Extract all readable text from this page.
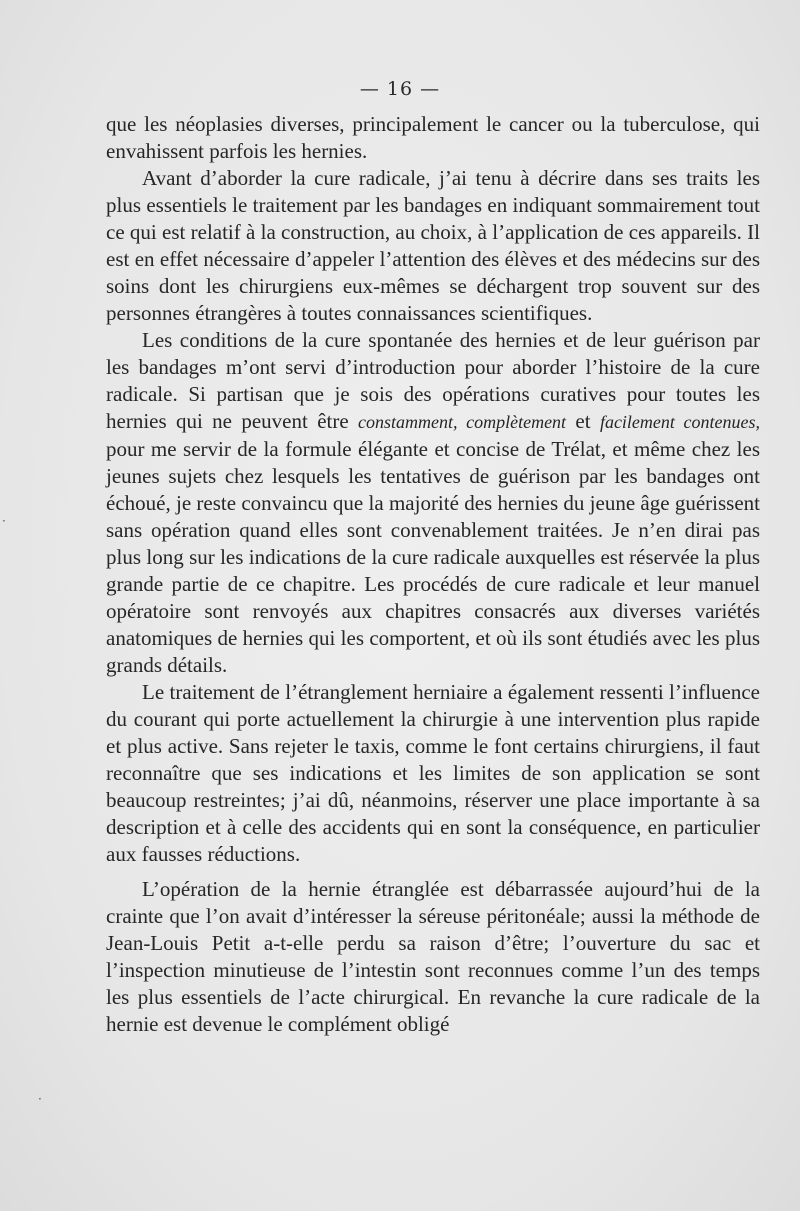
— 16 —

que les néoplasies diverses, principalement le cancer ou la tuberculose, qui envahissent parfois les hernies.

Avant d’aborder la cure radicale, j’ai tenu à décrire dans ses traits les plus essentiels le traitement par les bandages en indiquant sommairement tout ce qui est relatif à la construction, au choix, à l’application de ces appareils. Il est en effet nécessaire d’appeler l’attention des élèves et des médecins sur des soins dont les chirurgiens eux-mêmes se déchargent trop souvent sur des personnes étrangères à toutes connaissances scientifiques.

Les conditions de la cure spontanée des hernies et de leur guérison par les bandages m’ont servi d’introduction pour aborder l’histoire de la cure radicale. Si partisan que je sois des opérations curatives pour toutes les hernies qui ne peuvent être constamment, complètement et facilement contenues, pour me servir de la formule élégante et concise de Trélat, et même chez les jeunes sujets chez lesquels les tentatives de guérison par les bandages ont échoué, je reste convaincu que la majorité des hernies du jeune âge guérissent sans opération quand elles sont convenablement traitées. Je n’en dirai pas plus long sur les indications de la cure radicale auxquelles est réservée la plus grande partie de ce chapitre. Les procédés de cure radicale et leur manuel opératoire sont renvoyés aux chapitres consacrés aux diverses variétés anatomiques de hernies qui les comportent, et où ils sont étudiés avec les plus grands détails.

Le traitement de l’étranglement herniaire a également ressenti l’influence du courant qui porte actuellement la chirurgie à une intervention plus rapide et plus active. Sans rejeter le taxis, comme le font certains chirurgiens, il faut reconnaître que ses indications et les limites de son application se sont beaucoup restreintes; j’ai dû, néanmoins, réserver une place importante à sa description et à celle des accidents qui en sont la conséquence, en particulier aux fausses réductions.

L’opération de la hernie étranglée est débarrassée aujourd’hui de la crainte que l’on avait d’intéresser la séreuse péritonéale; aussi la méthode de Jean-Louis Petit a-t-elle perdu sa raison d’être; l’ouverture du sac et l’inspection minutieuse de l’intestin sont reconnues comme l’un des temps les plus essentiels de l’acte chirurgical. En revanche la cure radicale de la hernie est devenue le complément obligé

·
·
